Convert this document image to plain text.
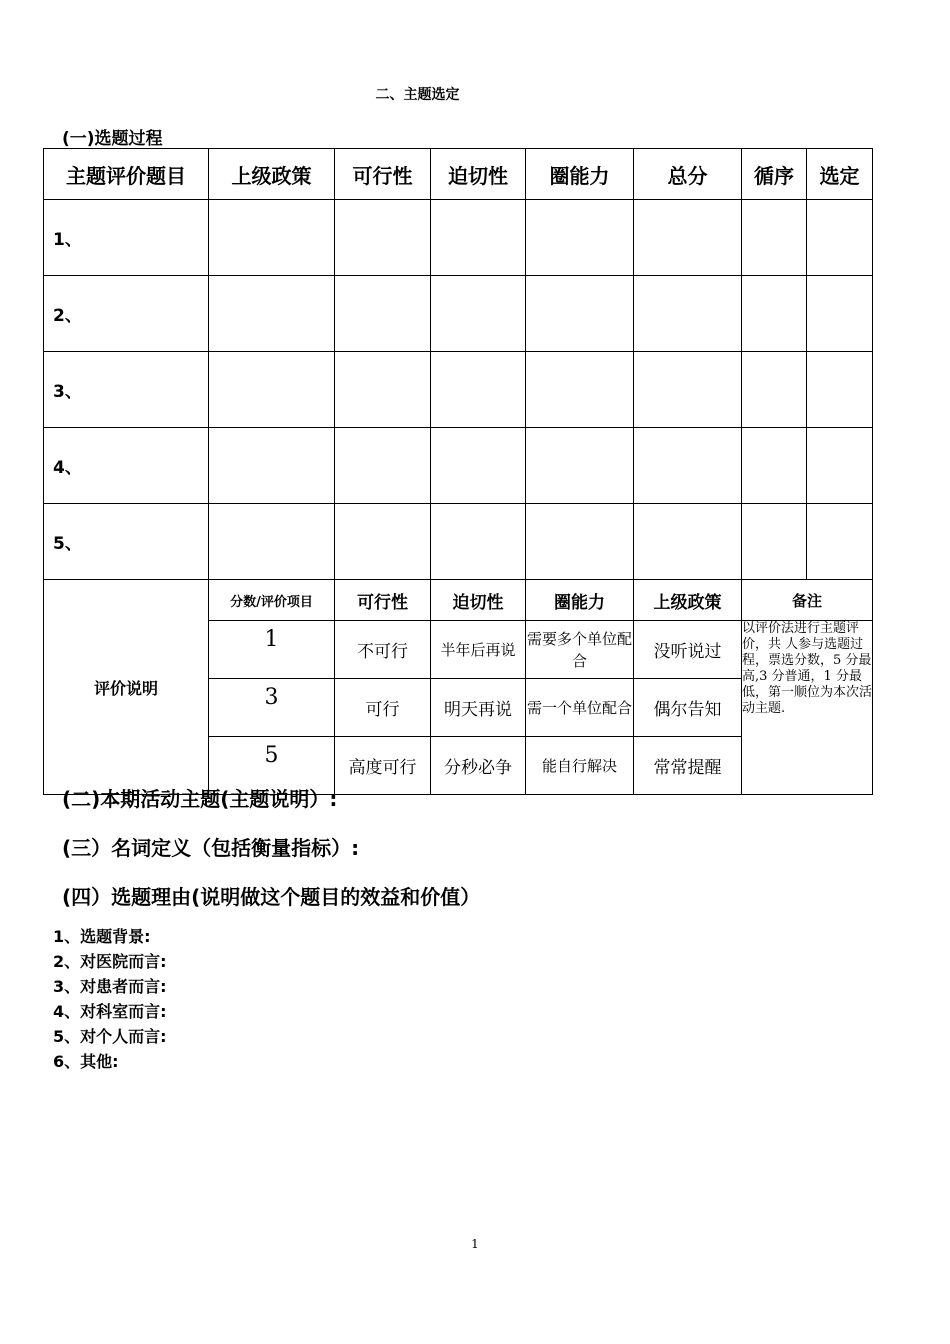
二、主题选定
(一)选题过程
主题评价题目	上级政策	可行性	迫切性	圈能力	总分	循序	选定
1、							
2、							
3、							
4、							
5、							
评价说明	分数/评价项目	可行性	迫切性	圈能力	上级政策	备注	
	1	不可行	半年后再说	需要多个单位配合	没听说过	以评价法进行主题评价，共 人参与选题过程，票选分数，5 分最高,3 分普通，1 分最低，第一顺位为本次活动主题.	
	3	可行	明天再说	需一个单位配合	偶尔告知		
	5	高度可行	分秒必争	能自行解决	常常提醒		
(二)本期活动主题(主题说明）:
(三）名词定义（包括衡量指标）:
(四）选题理由(说明做这个题目的效益和价值）
1、选题背景:
2、对医院而言:
3、对患者而言:
4、对科室而言:
5、对个人而言:
6、其他:
1
